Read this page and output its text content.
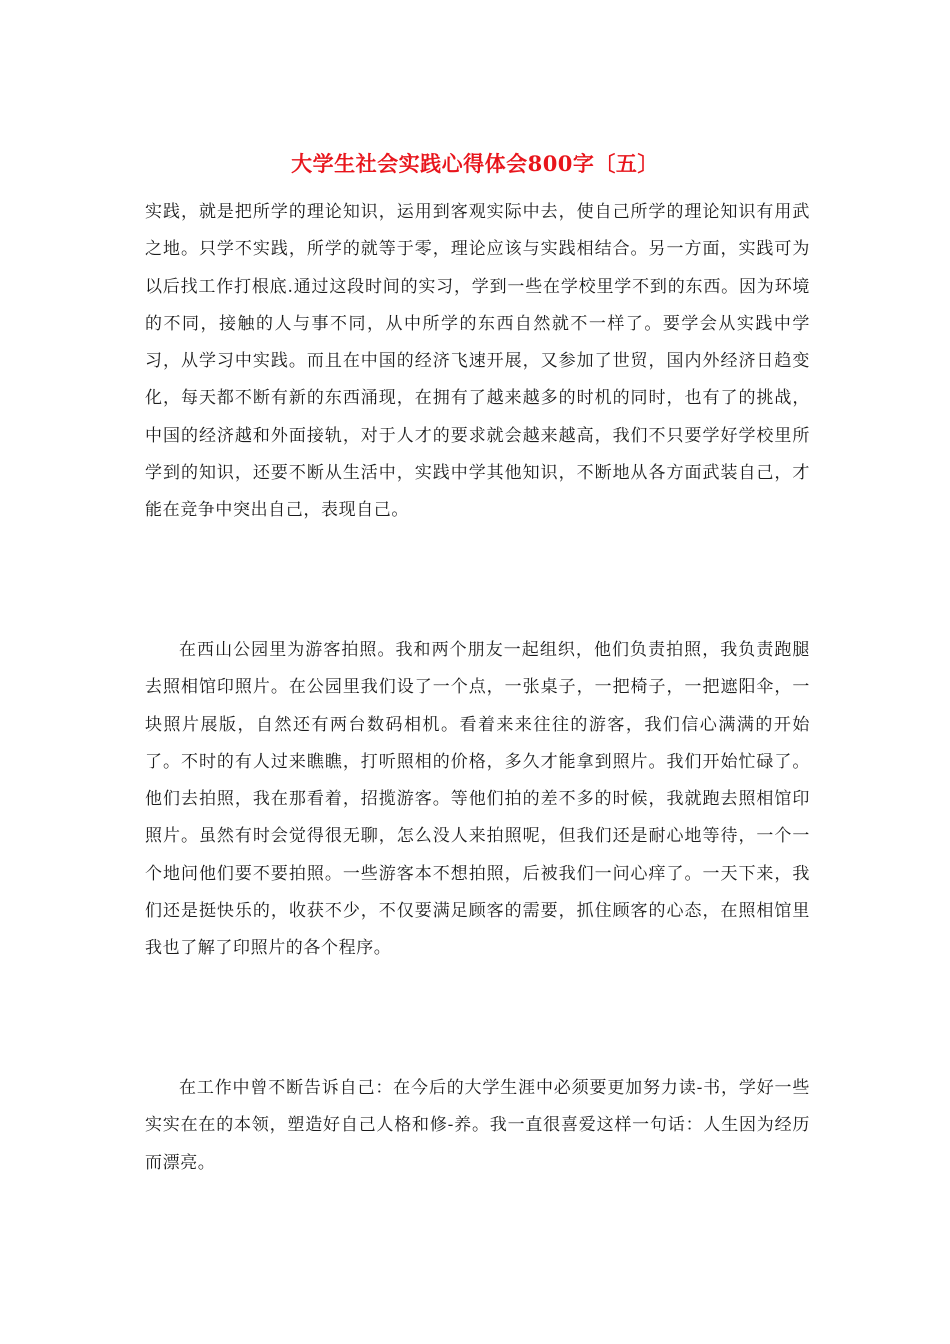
大学生社会实践心得体会800字〔五〕
实践，就是把所学的理论知识，运用到客观实际中去，使自己所学的理论知识有用武之地。只学不实践，所学的就等于零，理论应该与实践相结合。另一方面，实践可为以后找工作打根底.通过这段时间的实习，学到一些在学校里学不到的东西。因为环境的不同，接触的人与事不同，从中所学的东西自然就不一样了。要学会从实践中学习，从学习中实践。而且在中国的经济飞速开展，又参加了世贸，国内外经济日趋变化，每天都不断有新的东西涌现，在拥有了越来越多的时机的同时，也有了的挑战，中国的经济越和外面接轨，对于人才的要求就会越来越高，我们不只要学好学校里所学到的知识，还要不断从生活中，实践中学其他知识，不断地从各方面武装自己，才能在竞争中突出自己，表现自己。
在西山公园里为游客拍照。我和两个朋友一起组织，他们负责拍照，我负责跑腿去照相馆印照片。在公园里我们设了一个点，一张桌子，一把椅子，一把遮阳伞，一块照片展版，自然还有两台数码相机。看着来来往往的游客，我们信心满满的开始了。不时的有人过来瞧瞧，打听照相的价格，多久才能拿到照片。我们开始忙碌了。他们去拍照，我在那看着，招揽游客。等他们拍的差不多的时候，我就跑去照相馆印照片。虽然有时会觉得很无聊，怎么没人来拍照呢，但我们还是耐心地等待，一个一个地问他们要不要拍照。一些游客本不想拍照，后被我们一问心痒了。一天下来，我们还是挺快乐的，收获不少，不仅要满足顾客的需要，抓住顾客的心态，在照相馆里我也了解了印照片的各个程序。
在工作中曾不断告诉自己：在今后的大学生涯中必须要更加努力读-书，学好一些实实在在的本领，塑造好自己人格和修-养。我一直很喜爱这样一句话：人生因为经历而漂亮。
